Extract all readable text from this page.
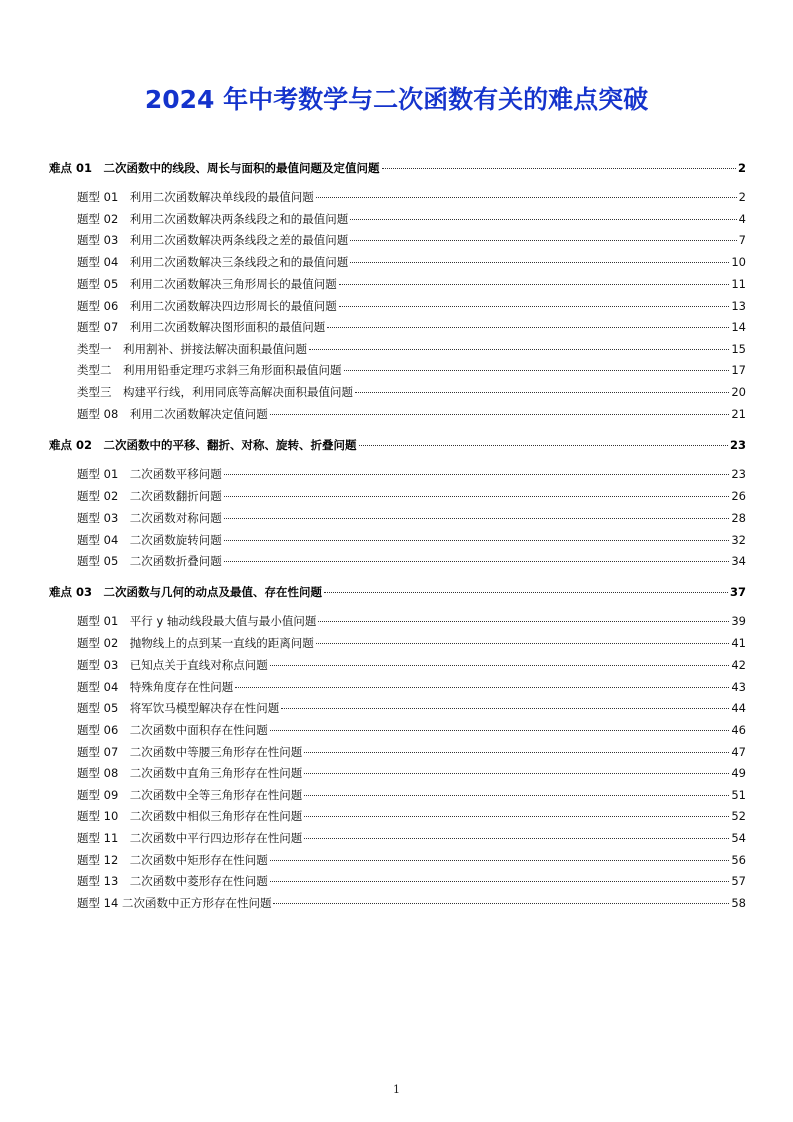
2024 年中考数学与二次函数有关的难点突破
难点 01　二次函数中的线段、周长与面积的最值问题及定值问题	2
题型 01　利用二次函数解决单线段的最值问题	2
题型 02　利用二次函数解决两条线段之和的最值问题	4
题型 03　利用二次函数解决两条线段之差的最值问题	7
题型 04　利用二次函数解决三条线段之和的最值问题	10
题型 05　利用二次函数解决三角形周长的最值问题	11
题型 06　利用二次函数解决四边形周长的最值问题	13
题型 07　利用二次函数解决图形面积的最值问题	14
类型一　利用割补、拼接法解决面积最值问题	15
类型二　利用用铅垂定理巧求斜三角形面积最值问题	17
类型三　构建平行线，利用同底等高解决面积最值问题	20
题型 08　利用二次函数解决定值问题	21
难点 02　二次函数中的平移、翻折、对称、旋转、折叠问题	23
题型 01　二次函数平移问题	23
题型 02　二次函数翻折问题	26
题型 03　二次函数对称问题	28
题型 04　二次函数旋转问题	32
题型 05　二次函数折叠问题	34
难点 03　二次函数与几何的动点及最值、存在性问题	37
题型 01　平行 y 轴动线段最大值与最小值问题	39
题型 02　抛物线上的点到某一直线的距离问题	41
题型 03　已知点关于直线对称点问题	42
题型 04　特殊角度存在性问题	43
题型 05　将军饮马模型解决存在性问题	44
题型 06　二次函数中面积存在性问题	46
题型 07　二次函数中等腰三角形存在性问题	47
题型 08　二次函数中直角三角形存在性问题	49
题型 09　二次函数中全等三角形存在性问题	51
题型 10　二次函数中相似三角形存在性问题	52
题型 11　二次函数中平行四边形存在性问题	54
题型 12　二次函数中矩形存在性问题	56
题型 13　二次函数中菱形存在性问题	57
题型 14 二次函数中正方形存在性问题	58
1
